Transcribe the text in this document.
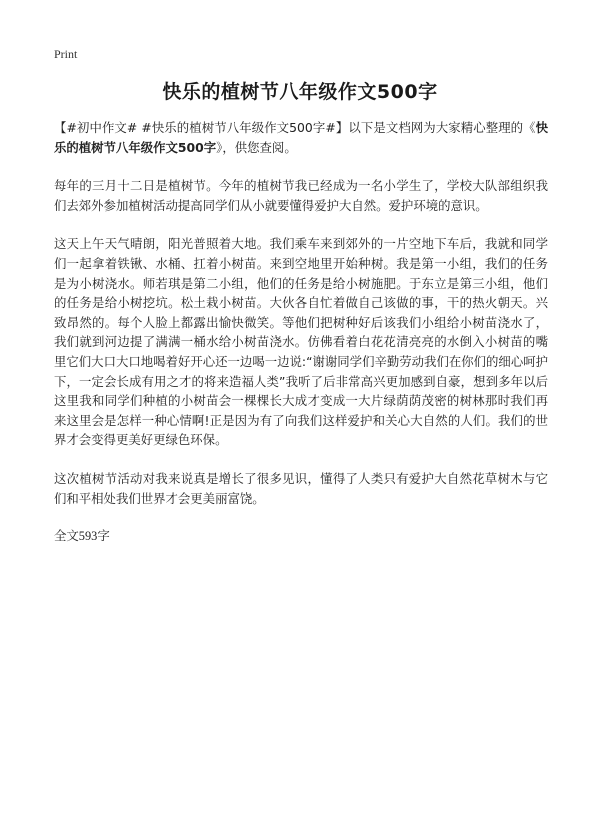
Print
快乐的植树节八年级作文500字

【#初中作文# #快乐的植树节八年级作文500字#】以下是文档网为大家精心整理的《快乐的植树节八年级作文500字》，供您查阅。

每年的三月十二日是植树节。今年的植树节我已经成为一名小学生了，学校大队部组织我们去郊外参加植树活动提高同学们从小就要懂得爱护大自然。爱护环境的意识。

这天上午天气晴朗，阳光普照着大地。我们乘车来到郊外的一片空地下车后，我就和同学们一起拿着铁锹、水桶、扛着小树苗。来到空地里开始种树。我是第一小组，我们的任务是为小树浇水。师若琪是第二小组，他们的任务是给小树施肥。于东立是第三小组，他们的任务是给小树挖坑。松土栽小树苗。大伙各自忙着做自己该做的事，干的热火朝天。兴致昂然的。每个人脸上都露出愉快微笑。等他们把树种好后该我们小组给小树苗浇水了，我们就到河边提了满满一桶水给小树苗浇水。仿佛看着白花花清亮亮的水倒入小树苗的嘴里它们大口大口地喝着好开心还一边喝一边说:“谢谢同学们辛勤劳动我们在你们的细心呵护下，一定会长成有用之才的将来造福人类”我听了后非常高兴更加感到自豪，想到多年以后这里我和同学们种植的小树苗会一棵棵长大成才变成一大片绿荫荫茂密的树林那时我们再来这里会是怎样一种心情啊!正是因为有了向我们这样爱护和关心大自然的人们。我们的世界才会变得更美好更绿色环保。

这次植树节活动对我来说真是增长了很多见识，懂得了人类只有爱护大自然花草树木与它们和平相处我们世界才会更美丽富饶。

全文593字
